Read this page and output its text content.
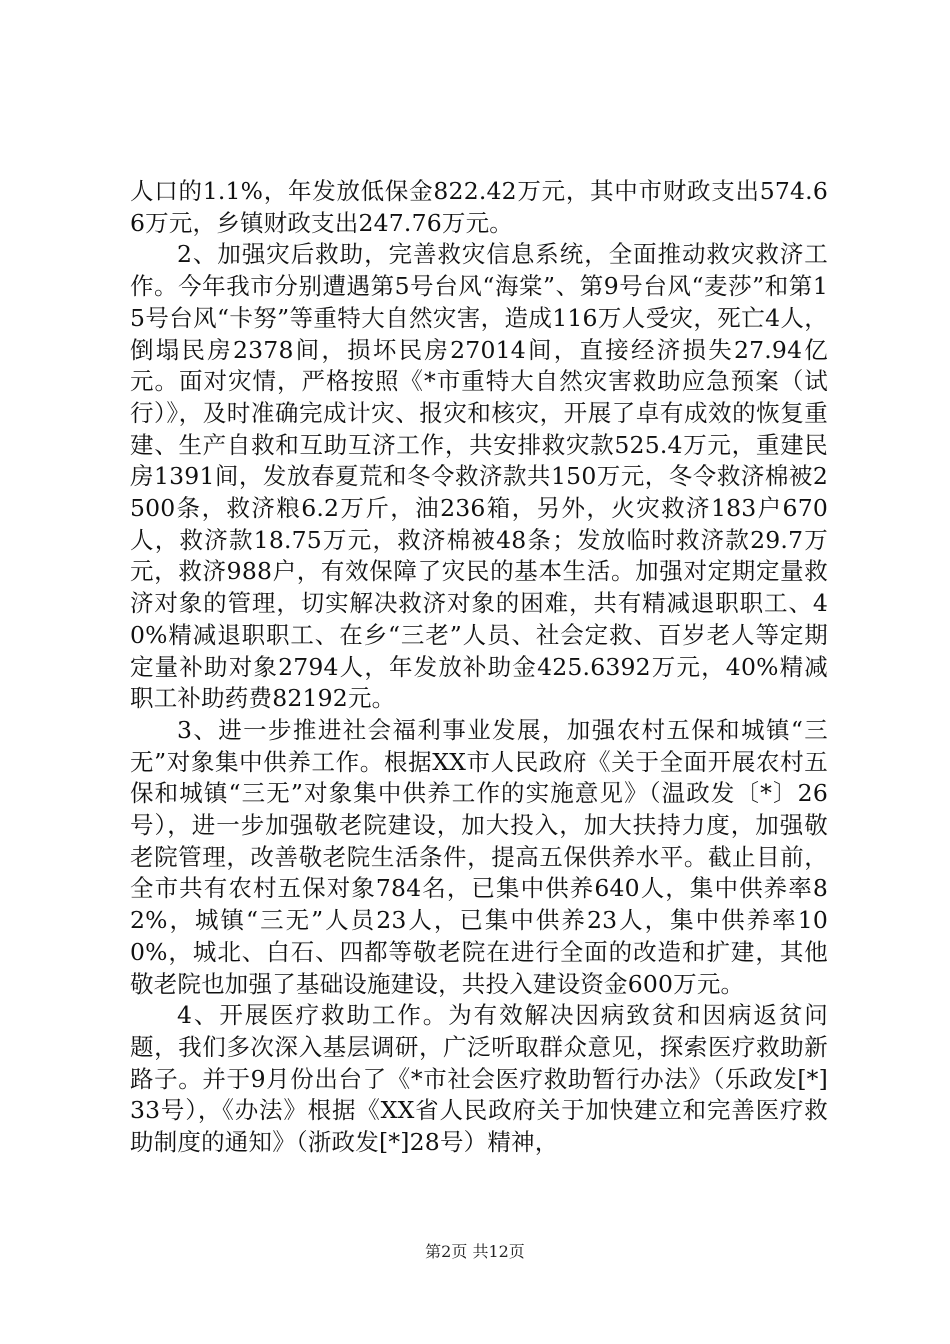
人口的1.1%，年发放低保金822.42万元，其中市财政支出574.66万元，乡镇财政支出247.76万元。

2、加强灾后救助，完善救灾信息系统，全面推动救灾救济工作。今年我市分别遭遇第5号台风“海棠”、第9号台风“麦莎”和第15号台风“卡努”等重特大自然灾害，造成116万人受灾，死亡4人，倒塌民房2378间，损坏民房27014间，直接经济损失27.94亿元。面对灾情，严格按照《*市重特大自然灾害救助应急预案（试行）》，及时准确完成计灾、报灾和核灾，开展了卓有成效的恢复重建、生产自救和互助互济工作，共安排救灾款525.4万元，重建民房1391间，发放春夏荒和冬令救济款共150万元，冬令救济棉被2500条，救济粮6.2万斤，油236箱，另外，火灾救济183户670人，救济款18.75万元，救济棉被48条；发放临时救济款29.7万元，救济988户，有效保障了灾民的基本生活。加强对定期定量救济对象的管理，切实解决救济对象的困难，共有精减退职职工、40%精减退职职工、在乡“三老”人员、社会定救、百岁老人等定期定量补助对象2794人，年发放补助金425.6392万元，40%精减职工补助药费82192元。

3、进一步推进社会福利事业发展，加强农村五保和城镇“三无”对象集中供养工作。根据XX市人民政府《关于全面开展农村五保和城镇“三无”对象集中供养工作的实施意见》（温政发〔*〕26号），进一步加强敬老院建设，加大投入，加大扶持力度，加强敬老院管理，改善敬老院生活条件，提高五保供养水平。截止目前，全市共有农村五保对象784名，已集中供养640人，集中供养率82%，城镇“三无”人员23人，已集中供养23人，集中供养率100%，城北、白石、四都等敬老院在进行全面的改造和扩建，其他敬老院也加强了基础设施建设，共投入建设资金600万元。

4、开展医疗救助工作。为有效解决因病致贫和因病返贫问题，我们多次深入基层调研，广泛听取群众意见，探索医疗救助新路子。并于9月份出台了《*市社会医疗救助暂行办法》（乐政发[*]33号），《办法》根据《XX省人民政府关于加快建立和完善医疗救助制度的通知》（浙政发[*]28号）精神，

第2页 共12页
